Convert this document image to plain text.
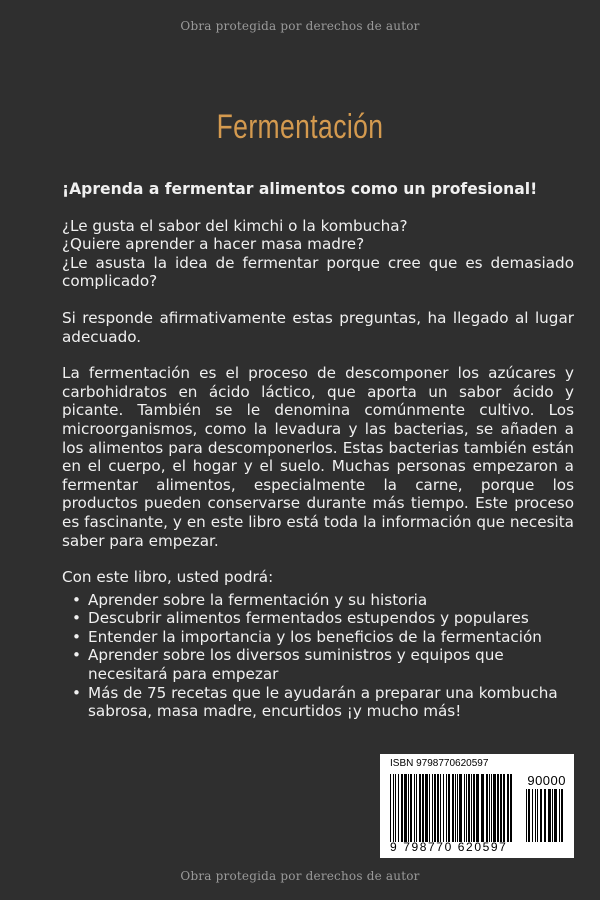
Obra protegida por derechos de autor
Fermentación

¡Aprenda a fermentar alimentos como un profesional!

¿Le gusta el sabor del kimchi o la kombucha?
¿Quiere aprender a hacer masa madre?
¿Le asusta la idea de fermentar porque cree que es demasiado complicado?

Si responde afirmativamente estas preguntas, ha llegado al lugar adecuado.

La fermentación es el proceso de descomponer los azúcares y carbohidratos en ácido láctico, que aporta un sabor ácido y picante. También se le denomina comúnmente cultivo. Los microorganismos, como la levadura y las bacterias, se añaden a los alimentos para descomponerlos. Estas bacterias también están en el cuerpo, el hogar y el suelo. Muchas personas empezaron a fermentar alimentos, especialmente la carne, porque los productos pueden conservarse durante más tiempo. Este proceso es fascinante, y en este libro está toda la información que necesita saber para empezar.

Con este libro, usted podrá:

• Aprender sobre la fermentación y su historia
• Descubrir alimentos fermentados estupendos y populares
• Entender la importancia y los beneficios de la fermentación
• Aprender sobre los diversos suministros y equipos que necesitará para empezar
• Más de 75 recetas que le ayudarán a preparar una kombucha sabrosa, masa madre, encurtidos ¡y mucho más!
ISBN 9798770620597
90000
9 798770 620597
Obra protegida por derechos de autor
